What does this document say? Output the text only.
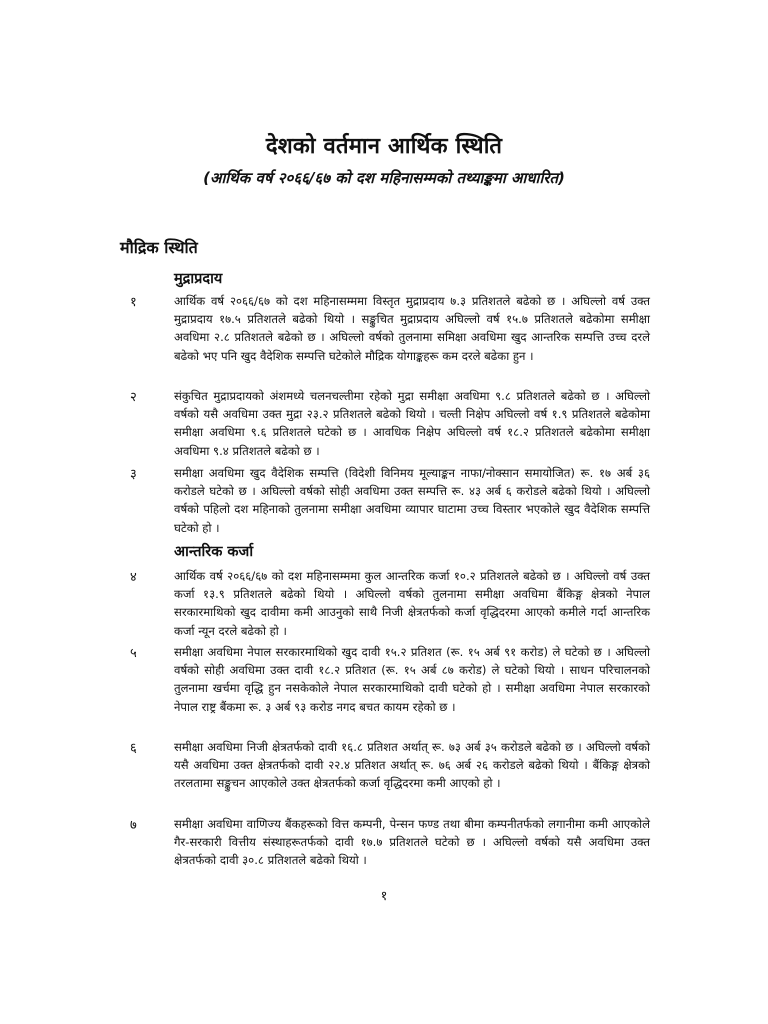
देशको वर्तमान आर्थिक स्थिति
(आर्थिक वर्ष २०६६/६७ को दश महिनासम्मको तथ्याङ्कमा आधारित)
मौद्रिक स्थिति
मुद्राप्रदाय
१	आर्थिक वर्ष २०६६/६७ को दश महिनासम्ममा विस्तृत मुद्राप्रदाय ७.३ प्रतिशतले बढेको छ । अघिल्लो वर्ष उक्त मुद्राप्रदाय १७.५ प्रतिशतले बढेको थियो । सङ्कुचित मुद्राप्रदाय अघिल्लो वर्ष १५.७ प्रतिशतले बढेकोमा समीक्षा अवधिमा २.८ प्रतिशतले बढेको छ । अघिल्लो वर्षको तुलनामा समिक्षा अवधिमा खुद आन्तरिक सम्पत्ति उच्च दरले बढेको भए पनि खुद वैदेशिक सम्पत्ति घटेकोले मौद्रिक योगाङ्कहरू कम दरले बढेका हुन ।
२	संकुचित मुद्राप्रदायको अंशमध्ये चलनचल्तीमा रहेको मुद्रा समीक्षा अवधिमा ९.८ प्रतिशतले बढेको छ । अघिल्लो वर्षको यसै अवधिमा उक्त मुद्रा २३.२ प्रतिशतले बढेको थियो । चल्ती निक्षेप अघिल्लो वर्ष १.९ प्रतिशतले बढेकोमा समीक्षा अवधिमा ९.६ प्रतिशतले घटेको छ । आवधिक निक्षेप अघिल्लो वर्ष १८.२ प्रतिशतले बढेकोमा समीक्षा अवधिमा ९.४ प्रतिशतले बढेको छ ।
३	समीक्षा अवधिमा खुद वैदेशिक सम्पत्ति (विदेशी विनिमय मूल्याङ्कन नाफा/नोक्सान समायोजित) रू. १७ अर्ब ३६ करोडले घटेको छ । अघिल्लो वर्षको सोही अवधिमा उक्त सम्पत्ति रू. ४३ अर्ब ६ करोडले बढेको थियो । अघिल्लो वर्षको पहिलो दश महिनाको तुलनामा समीक्षा अवधिमा व्यापार घाटामा उच्च विस्तार भएकोले खुद वैदेशिक सम्पत्ति घटेको हो ।
आन्तरिक कर्जा
४	आर्थिक वर्ष २०६६/६७ को दश महिनासम्ममा कुल आन्तरिक कर्जा १०.२ प्रतिशतले बढेको छ । अघिल्लो वर्ष उक्त कर्जा १३.९ प्रतिशतले बढेको थियो । अघिल्लो वर्षको तुलनामा समीक्षा अवधिमा बैंकिङ्ग क्षेत्रको नेपाल सरकारमाथिको खुद दावीमा कमी आउनुको साथै निजी क्षेत्रतर्फको कर्जा वृद्धिदरमा आएको कमीले गर्दा आन्तरिक कर्जा न्यून दरले बढेको हो ।
५	समीक्षा अवधिमा नेपाल सरकारमाथिको खुद दावी १५.२ प्रतिशत (रू. १५ अर्ब ९१ करोड) ले घटेको छ । अघिल्लो वर्षको सोही अवधिमा उक्त दावी १८.२ प्रतिशत (रू. १५ अर्ब ८७ करोड) ले घटेको थियो । साधन परिचालनको तुलनामा खर्चमा वृद्धि हुन नसकेकोले नेपाल सरकारमाथिको दावी घटेको हो । समीक्षा अवधिमा नेपाल सरकारको नेपाल राष्ट्र बैंकमा रू. ३ अर्ब ९३ करोड नगद बचत कायम रहेको छ ।
६	समीक्षा अवधिमा निजी क्षेत्रतर्फको दावी १६.८ प्रतिशत अर्थात् रू. ७३ अर्ब ३५ करोडले बढेको छ । अघिल्लो वर्षको यसै अवधिमा उक्त क्षेत्रतर्फको दावी २२.४ प्रतिशत अर्थात् रू. ७६ अर्ब २६ करोडले बढेको थियो । बैंकिङ्ग क्षेत्रको तरलतामा सङ्कुचन आएकोले उक्त क्षेत्रतर्फको कर्जा वृद्धिदरमा कमी आएको हो ।
७	समीक्षा अवधिमा वाणिज्य बैंकहरूको वित्त कम्पनी, पेन्सन फण्ड तथा बीमा कम्पनीतर्फको लगानीमा कमी आएकोले गैर-सरकारी वित्तीय संस्थाहरूतर्फको दावी १७.७ प्रतिशतले घटेको छ । अघिल्लो वर्षको यसै अवधिमा उक्त क्षेत्रतर्फको दावी ३०.८ प्रतिशतले बढेको थियो ।
१
